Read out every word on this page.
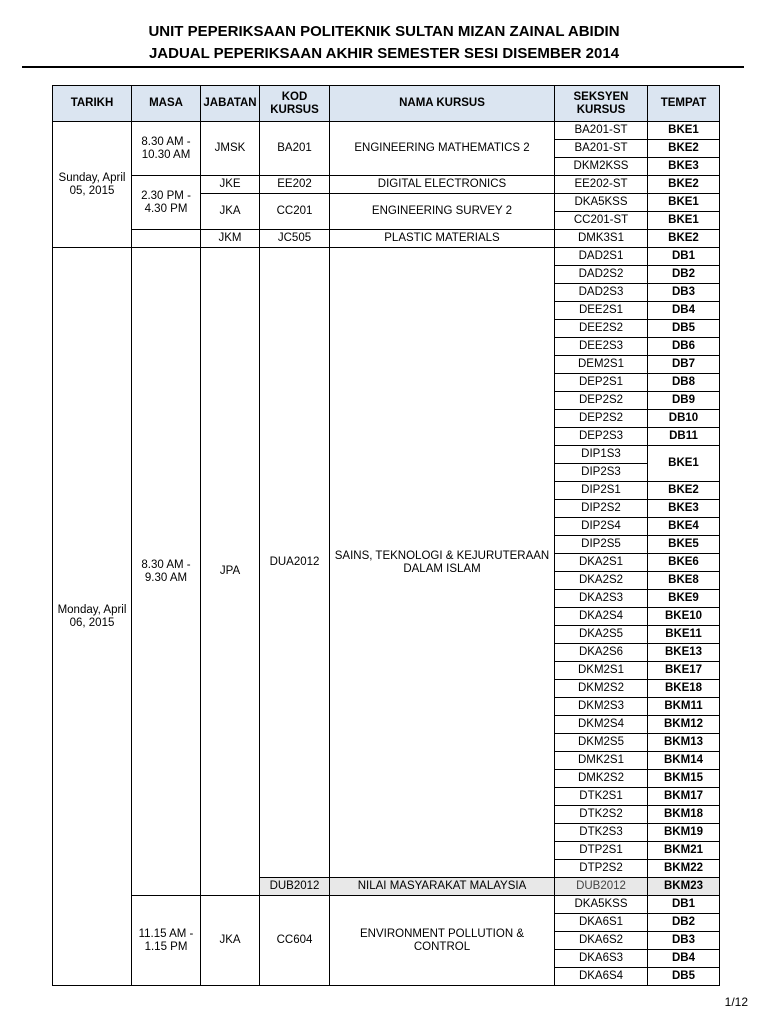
UNIT PEPERIKSAAN POLITEKNIK SULTAN MIZAN ZAINAL ABIDIN
JADUAL PEPERIKSAAN AKHIR SEMESTER SESI DISEMBER 2014
TARIKH	MASA	JABATAN	KOD KURSUS	NAMA KURSUS	SEKSYEN KURSUS	TEMPAT
Sunday, April 05, 2015	8.30 AM - 10.30 AM	JMSK	BA201	ENGINEERING MATHEMATICS 2	BA201-ST	BKE1
					BA201-ST	BKE2
					DKM2KSS	BKE3
	2.30 PM - 4.30 PM	JKE	EE202	DIGITAL ELECTRONICS	EE202-ST	BKE2
		JKA	CC201	ENGINEERING SURVEY 2	DKA5KSS	BKE1
					CC201-ST	BKE1
		JKM	JC505	PLASTIC MATERIALS	DMK3S1	BKE2
Monday, April 06, 2015	8.30 AM - 9.30 AM	JPA	DUA2012	SAINS, TEKNOLOGI & KEJURUTERAAN DALAM ISLAM	DAD2S1	DB1
					DAD2S2	DB2
					DAD2S3	DB3
					DEE2S1	DB4
					DEE2S2	DB5
					DEE2S3	DB6
					DEM2S1	DB7
					DEP2S1	DB8
					DEP2S2	DB9
					DEP2S2	DB10
					DEP2S3	DB11
					DIP1S3	BKE1
					DIP2S3	
					DIP2S1	BKE2
					DIP2S2	BKE3
					DIP2S4	BKE4
					DIP2S5	BKE5
					DKA2S1	BKE6
					DKA2S2	BKE8
					DKA2S3	BKE9
					DKA2S4	BKE10
					DKA2S5	BKE11
					DKA2S6	BKE13
					DKM2S1	BKE17
					DKM2S2	BKE18
					DKM2S3	BKM11
					DKM2S4	BKM12
					DKM2S5	BKM13
					DMK2S1	BKM14
					DMK2S2	BKM15
					DTK2S1	BKM17
					DTK2S2	BKM18
					DTK2S3	BKM19
					DTP2S1	BKM21
					DTP2S2	BKM22
			DUB2012	NILAI MASYARAKAT MALAYSIA	DUB2012	BKM23
	11.15 AM - 1.15 PM	JKA	CC604	ENVIRONMENT POLLUTION & CONTROL	DKA5KSS	DB1
					DKA6S1	DB2
					DKA6S2	DB3
					DKA6S3	DB4
					DKA6S4	DB5
1/12
